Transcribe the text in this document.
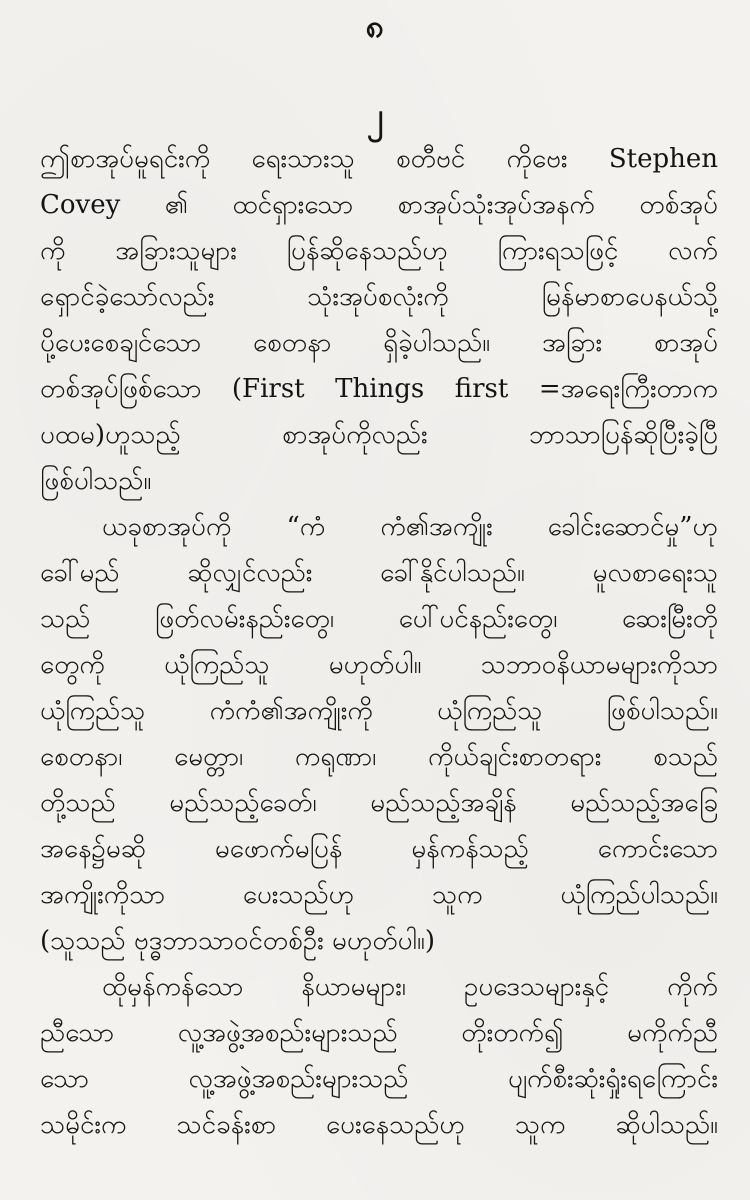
၈
၂
ဤစာအုပ်မူရင်းကို ရေးသားသူ စတီဗင် ကိုဗေး Stephen
Covey ၏ ထင်ရှားသော စာအုပ်သုံးအုပ်အနက် တစ်အုပ်
ကို အခြားသူများ ပြန်ဆိုနေသည်ဟု ကြားရသဖြင့် လက်
ရှောင်ခဲ့သော်လည်း သုံးအုပ်စလုံးကို မြန်မာစာပေနယ်သို့
ပို့ပေးစေချင်သော စေတနာ ရှိခဲ့ပါသည်။ အခြား စာအုပ်
တစ်အုပ်ဖြစ်သော (First Things first =အရေးကြီးတာက
ပထမ)ဟူသည့် စာအုပ်ကိုလည်း ဘာသာပြန်ဆိုပြီးခဲ့ပြီ
ဖြစ်ပါသည်။
ယခုစာအုပ်ကို “ကံ ကံ၏အကျိုး ခေါင်းဆောင်မှု”ဟု
ခေါ်မည် ဆိုလျှင်လည်း ခေါ်နိုင်ပါသည်။ မူလစာရေးသူ
သည် ဖြတ်လမ်းနည်းတွေ၊ ပေါ်ပင်နည်းတွေ၊ ဆေးမြီးတို
တွေကို ယုံကြည်သူ မဟုတ်ပါ။ သဘာဝနိယာမများကိုသာ
ယုံကြည်သူ ကံကံ၏အကျိုးကို ယုံကြည်သူ ဖြစ်ပါသည်။
စေတနာ၊ မေတ္တာ၊ ကရုဏာ၊ ကိုယ်ချင်းစာတရား စသည်
တို့သည် မည်သည့်ခေတ်၊ မည်သည့်အချိန် မည်သည့်အခြေ
အနေ၌မဆို မဖောက်မပြန် မှန်ကန်သည့် ကောင်းသော
အကျိုးကိုသာ ပေးသည်ဟု သူက ယုံကြည်ပါသည်။
(သူသည် ဗုဒ္ဓဘာသာဝင်တစ်ဦး မဟုတ်ပါ။)
ထိုမှန်ကန်သော နိယာမများ၊ ဥပဒေသများနှင့် ကိုက်
ညီသော လူ့အဖွဲ့အစည်းများသည် တိုးတက်၍ မကိုက်ညီ
သော လူ့အဖွဲ့အစည်းများသည် ပျက်စီးဆုံးရှုံးရကြောင်း
သမိုင်းက သင်ခန်းစာ ပေးနေသည်ဟု သူက ဆိုပါသည်။
